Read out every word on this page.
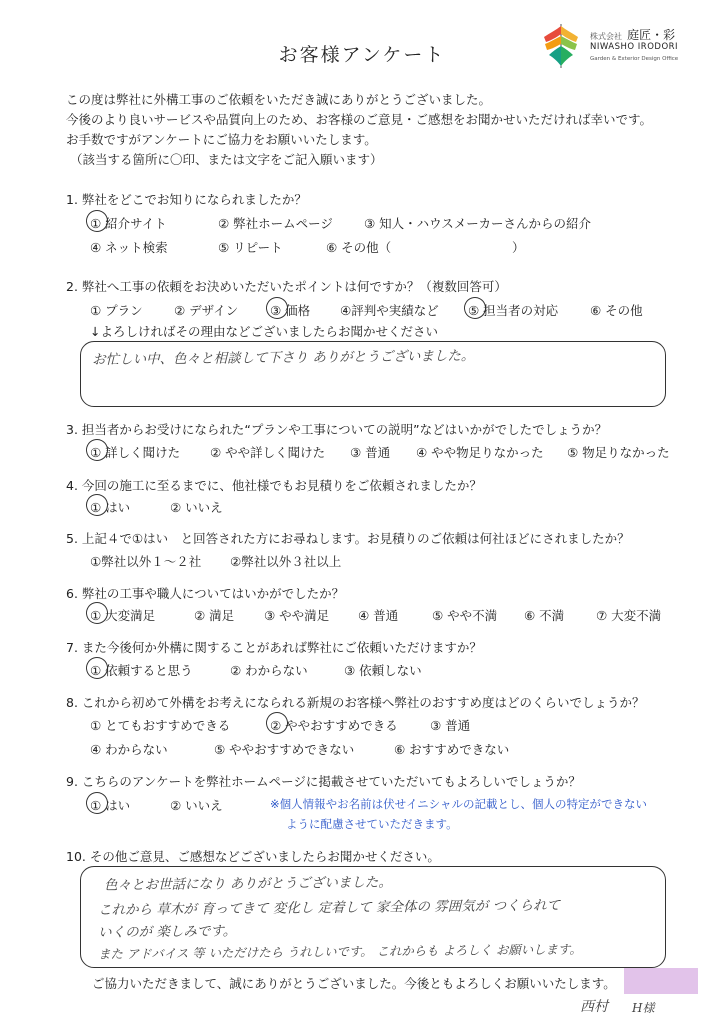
株式会社 庭匠・彩
NIWASHO IRODORI
Garden & Exterior Design Office
お客様アンケート
この度は弊社に外構工事のご依頼をいただき誠にありがとうございました。
今後のより良いサービスや品質向上のため、お客様のご意見・ご感想をお聞かせいただければ幸いです。
お手数ですがアンケートにご協力をお願いいたします。
（該当する箇所に〇印、または文字をご記入願います）
1. 弊社をどこでお知りになられましたか？
① 紹介サイト	② 弊社ホームページ ③ 知人・ハウスメーカーさんからの紹介
④ ネット検索	⑤ リピート	⑥ その他（	）
2. 弊社へ工事の依頼をお決めいただいたポイントは何ですか？（複数回答可）
① プラン	② デザイン	③ 価格 ④評判や実績など ⑤ 担当者の対応	⑥ その他
↓よろしければその理由などございましたらお聞かせください
お忙しい中、色々と相談して下さり ありがとうございました。
3. 担当者からお受けになられた“プランや工事についての説明”などはいかがでしたでしょうか？
① 詳しく聞けた ② やや詳しく聞けた ③ 普通 ④ やや物足りなかった ⑤ 物足りなかった
4. 今回の施工に至るまでに、他社様でもお見積りをご依頼されましたか？
① はい	② いいえ
5. 上記４で①はい　と回答された方にお尋ねします。お見積りのご依頼は何社ほどにされましたか？
①弊社以外１～２社 ②弊社以外３社以上
6. 弊社の工事や職人についてはいかがでしたか？
① 大変満足	② 満足 ③ やや満足 ④ 普通	⑤ やや不満 ⑥ 不満	⑦ 大変不満
7. また今後何か外構に関することがあれば弊社にご依頼いただけますか？
① 依頼すると思う	② わからない	③ 依頼しない
8. これから初めて外構をお考えになられる新規のお客様へ弊社のおすすめ度はどのくらいでしょうか？
① とてもおすすめできる	② ややおすすめできる	③ 普通
④ わからない	⑤ ややおすすめできない	⑥ おすすめできない
9. こちらのアンケートを弊社ホームページに掲載させていただいてもよろしいでしょうか？
① はい	② いいえ	※個人情報やお名前は伏せイニシャルの記載とし、個人の特定ができない
ように配慮させていただきます。
10. その他ご意見、ご感想などございましたらお聞かせください。
色々とお世話になり ありがとうございました。
これから 草木が 育ってきて 変化し 定着して 家全体の 雰囲気が つくられて
いくのが 楽しみです。
また アドバイス 等 いただけたら うれしいです。 これからも よろしく お願いします。
ご協力いただきまして、誠にありがとうございました。今後ともよろしくお願いいたします。
西村 H様
